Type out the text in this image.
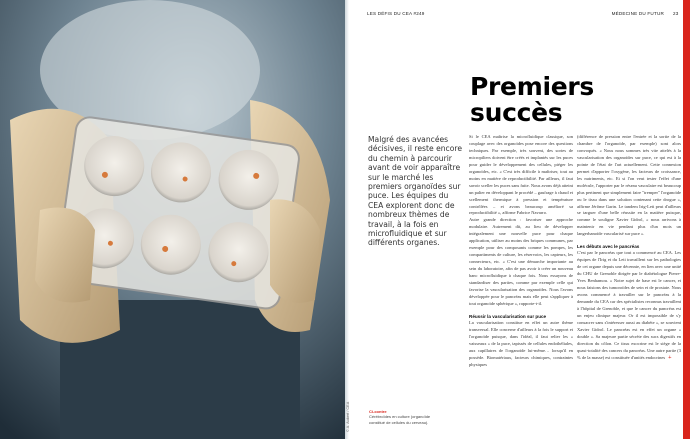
LES DÉFIS DU CEA #249	MÉDECINE DU FUTUR 23
Premiers succès
Malgré des avancées décisives, il reste encore du chemin à parcourir avant de voir apparaître sur le marché les premiers organoïdes sur puce. Les équipes du CEA explorent donc de nombreux thèmes de travail, à la fois en microfluidique et sur différents organes.

Si le CEA maîtrise la microfluidique classique, son couplage avec des organoïdes pose encore des questions techniques. Par exemple, très souvent, des sortes de micropiliers doivent être créés et implantés sur les puces pour guider le développement des cellules, piéger les organoïdes, etc. « C'est très difficile à maîtriser, tout au moins en matière de reproductibilité. Par ailleurs, il faut savoir sceller les puces sans fuite. Nous avons déjà atteint un palier en développant le procédé – gaufrage à chaud et scellement thermique à pression et température contrôlées – et avons beaucoup amélioré sa reproductibilité », affirme Fabrice Navarro.

Autre grande direction : favoriser une approche modulaire. Autrement dit, au lieu de développer intégralement une nouvelle puce pour chaque application, utiliser au moins des briques communes, par exemple pour des composants comme les pompes, les compartiments de culture, les réservoirs, les capteurs, les connecteurs, etc. « C'est une démarche importante au sein du laboratoire, afin de pas avoir à créer un nouveau banc microfluidique à chaque fois. Nous essayons de standardiser des parties, comme par exemple celle qui favorise la vascularisation des organoïdes. Nous l'avons développée pour le pancréas mais elle peut s'appliquer à tout organoïde sphérique », rapporte-t-il.

Réussir la vascularisation sur puce

La vascularisation constitue en effet un autre thème transversal. Elle concerne d'ailleurs à la fois le support et l'organoïde puisque, dans l'idéal, il faut relier les « vaisseaux » de la puce, tapissés de cellules endothéliales, aux capillaires de l'organoïde lui-même… lorsqu'il en possède. Biomatériaux, facteurs chimiques, contraintes physiques

(différence de pression entre l'entrée et la sortie de la chambre de l'organoïde, par exemple) sont alors convoqués. « Nous nous sommes très vite attelés à la vascularisation des organoïdes sur puce, ce qui est à la pointe de l'état de l'art actuellement. Cette connexion permet d'apporter l'oxygène, les facteurs de croissance, les nutriments, etc. Et si l'on veut tester l'effet d'une molécule, l'apporter par le réseau vasculaire est beaucoup plus pertinent que simplement faire "tremper" l'organoïde ou le tissu dans une solution contenant cette drogue », affirme Jérôme Garin. Le tandem Irig-Leti peut d'ailleurs se targuer d'une belle réussite en la matière puisque, comme le souligne Xavier Gidrol, « nous arrivons à maintenir en vie pendant plus d'un mois un langerhanoïde vascularisé sur puce ».

Les débuts avec le pancréas

C'est par le pancréas que tout a commencé au CEA. Les équipes de l'Irig et du Leti travaillent sur les pathologies de cet organe depuis une décennie, en lien avec une unité du CHU de Grenoble dirigée par le diabétologue Pierre-Yves Benhamou. « Notre sujet de base est le cancer, et nous faisions des tumoroïdes de sein et de prostate. Nous avons commencé à travailler sur le pancréas à la demande du CEA car des spécialistes reconnus travaillent à l'hôpital de Grenoble, et que le cancer du pancréas est un enjeu clinique majeur. Or il est impossible de s'y consacrer sans s'intéresser aussi au diabète », se souvient Xavier Gidrol. Le pancréas est en effet un organe « double ». Sa majeure partie sécrète des sucs digestifs en direction du côlon. Ce tissu exocrine est le siège de la quasi-totalité des cancers du pancréas. Une autre partie (3 % de la masse) est constituée d'unités endocrines +

Ci-contre
Cérébroïdes en culture (organoïde constitué de cellules du cerveau).
© A. Aubert / CEA
